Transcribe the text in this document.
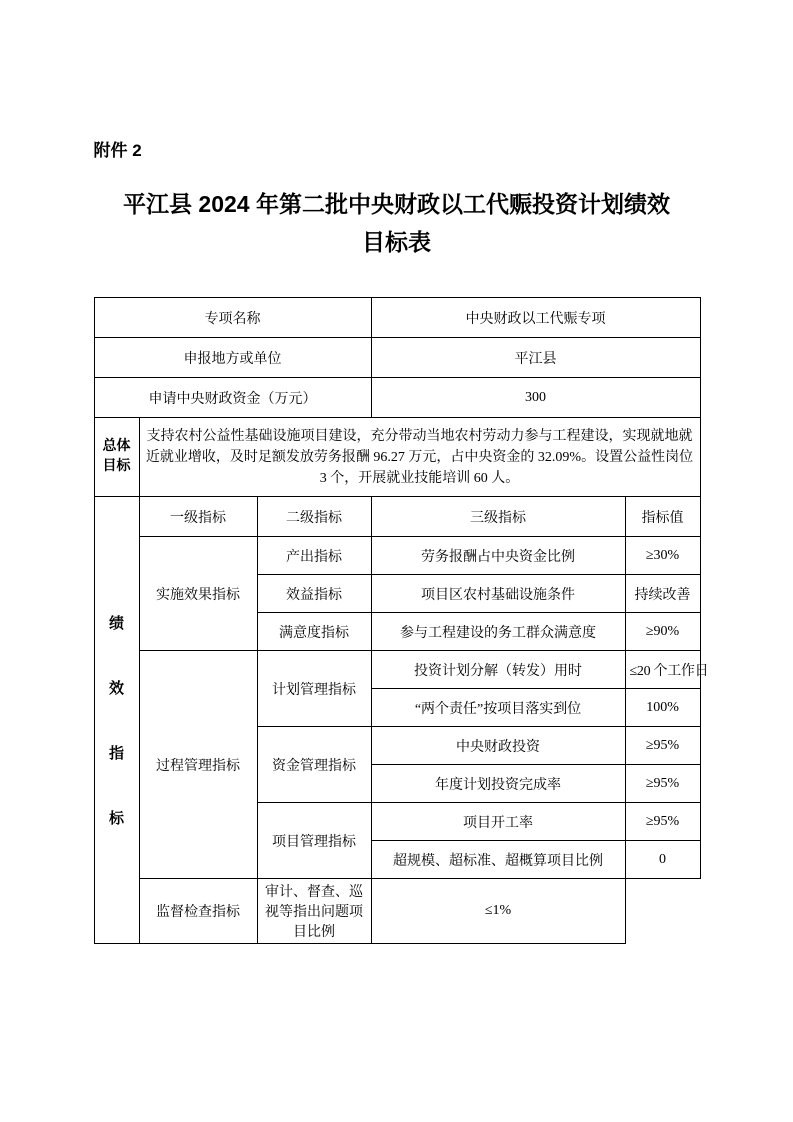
附件 2
平江县 2024 年第二批中央财政以工代赈投资计划绩效
目标表
专项名称			中央财政以工代赈专项	
申报地方或单位			平江县	
申请中央财政资金（万元）			300	

总体
目标	支持农村公益性基础设施项目建设，充分带动当地农村劳动力参与工程建设，实现就地就近就业增收，及时足额发放劳务报酬 96.27 万元，占中央资金的 32.09%。设置公益性岗位 3 个，开展就业技能培训 60 人。			

绩
效
指
标	一级指标	二级指标	三级指标	指标值
	实施效果指标	产出指标	劳务报酬占中央资金比例	≥30%
		效益指标	项目区农村基础设施条件	持续改善
		满意度指标	参与工程建设的务工群众满意度	≥90%
	过程管理指标	计划管理指标	投资计划分解（转发）用时	≤20 个工作日
			“两个责任”按项目落实到位	100%
		资金管理指标	中央财政投资	≥95%
			年度计划投资完成率	≥95%
		项目管理指标	项目开工率	≥95%
			超规模、超标准、超概算项目比例	0
	监督检查指标	审计、督查、巡视等指出问题项目比例	≤1%	
